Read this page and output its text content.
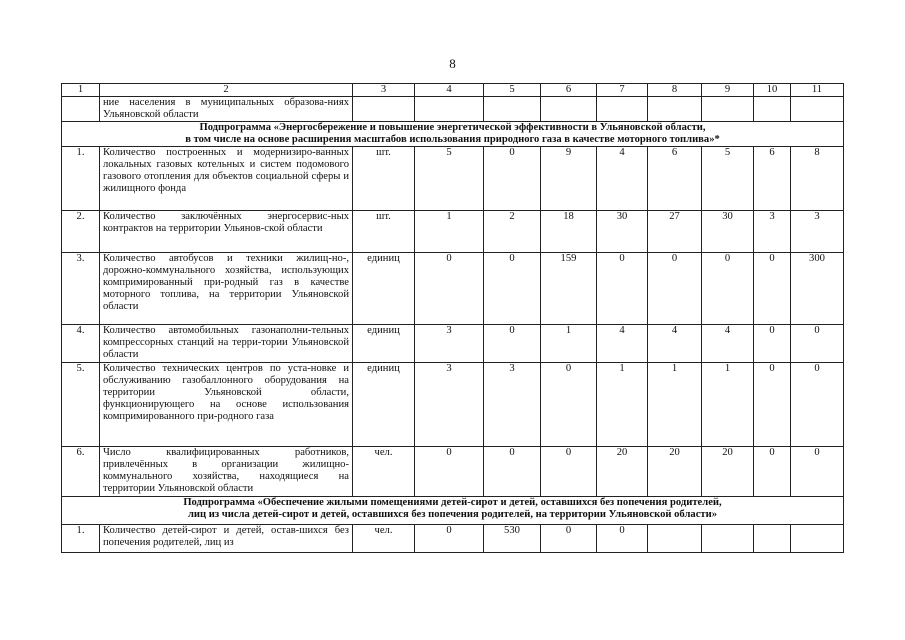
8
1	2	3	4	5	6	7	8	9	10	11
	ние населения в муниципальных образова-ниях Ульяновской области									

Подпрограмма «Энергосбережение и повышение энергетической эффективности в Ульяновской области,
в том числе на основе расширения масштабов использования природного газа в качестве моторного топлива»*										

1.	Количество построенных и модернизиро-ванных локальных газовых котельных и систем подомового газового отопления для объектов социальной сферы и жилищного фонда	шт.	5	0	9	4	6	5	6	8
2.	Количество заключённых энергосервис-ных контрактов на территории Ульянов-ской области	шт.	1	2	18	30	27	30	3	3
3.	Количество автобусов и техники жилищ-но-, дорожно-коммунального хозяйства, использующих компримированный при-родный газ в качестве моторного топлива, на территории Ульяновской области	единиц	0	0	159	0	0	0	0	300
4.	Количество автомобильных газонаполни-тельных компрессорных станций на терри-тории Ульяновской области	единиц	3	0	1	4	4	4	0	0
5.	Количество технических центров по уста-новке и обслуживанию газобаллонного оборудования на территории Ульяновской области, функционирующего на основе использования компримированного при-родного газа	единиц	3	3	0	1	1	1	0	0
6.	Число квалифицированных работников, привлечённых в организации жилищно-коммунального хозяйства, находящиеся на территории Ульяновской области	чел.	0	0	0	20	20	20	0	0

Подпрограмма «Обеспечение жилыми помещениями детей-сирот и детей, оставшихся без попечения родителей,
лиц из числа детей-сирот и детей, оставшихся без попечения родителей, на территории Ульяновской области»										

1.	Количество детей-сирот и детей, остав-шихся без попечения родителей, лиц из	чел.	0	530	0	0				
